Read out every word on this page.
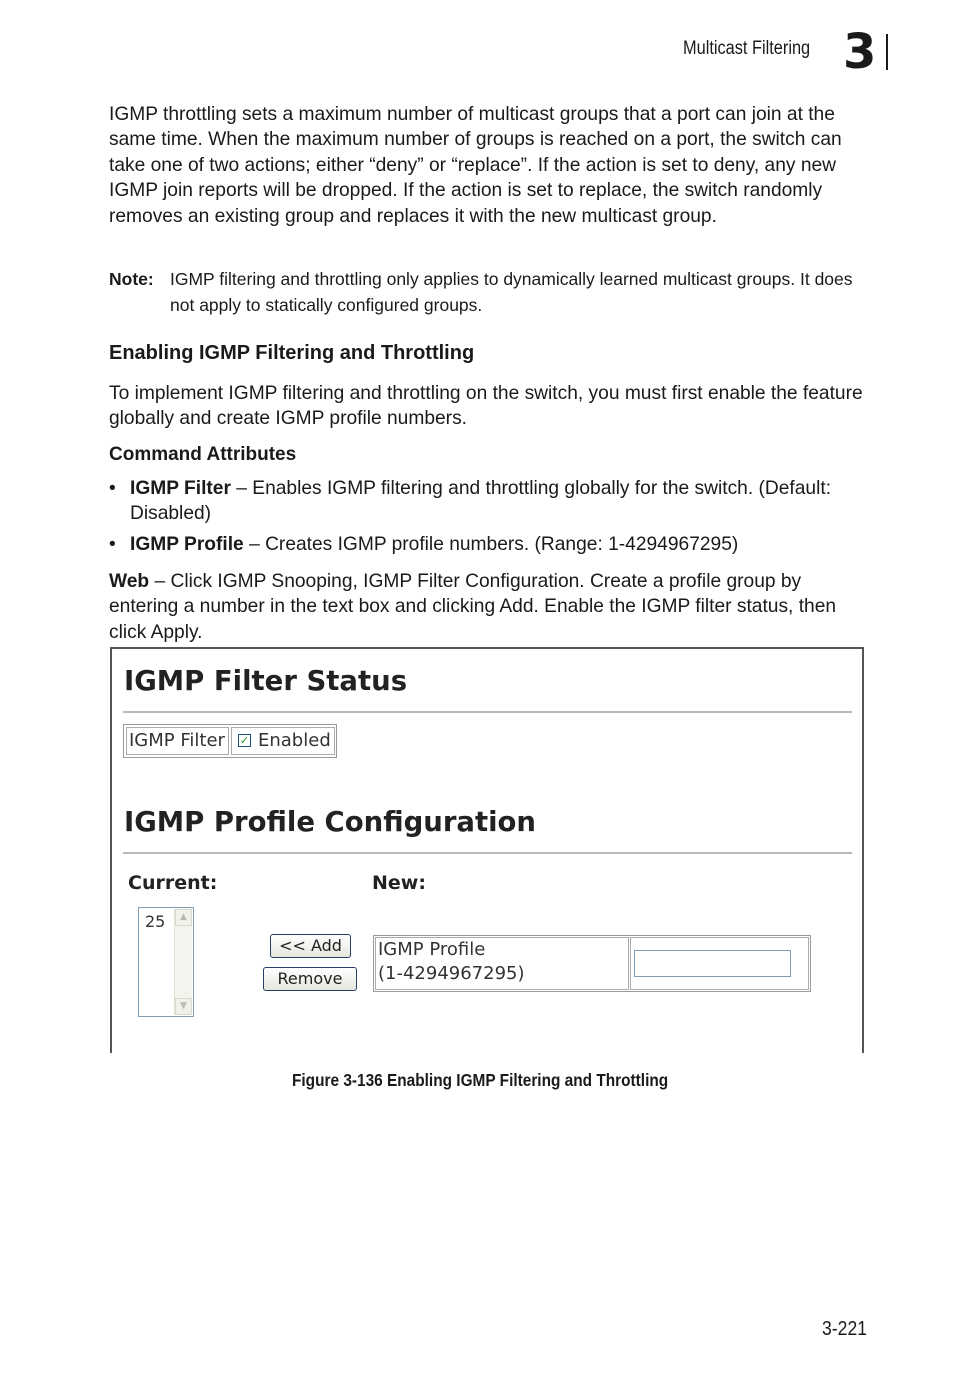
Multicast Filtering 3

IGMP throttling sets a maximum number of multicast groups that a port can join at the same time. When the maximum number of groups is reached on a port, the switch can take one of two actions; either “deny” or “replace”. If the action is set to deny, any new IGMP join reports will be dropped. If the action is set to replace, the switch randomly removes an existing group and replaces it with the new multicast group.

Note: IGMP filtering and throttling only applies to dynamically learned multicast groups. It does not apply to statically configured groups.
Enabling IGMP Filtering and Throttling

To implement IGMP filtering and throttling on the switch, you must first enable the feature globally and create IGMP profile numbers.

Command Attributes
• IGMP Filter – Enables IGMP filtering and throttling globally for the switch. (Default: Disabled)
• IGMP Profile – Creates IGMP profile numbers. (Range: 1-4294967295)

Web – Click IGMP Snooping, IGMP Filter Configuration. Create a profile group by entering a number in the text box and clicking Add. Enable the IGMP filter status, then click Apply.

IGMP Filter Status
IGMP Filter	✓ Enabled
IGMP Profile Configuration
Current:	New:
25	▲
▼
<< Add
Remove
IGMP Profile
(1-4294967295)
Figure 3-136 Enabling IGMP Filtering and Throttling
3-221
